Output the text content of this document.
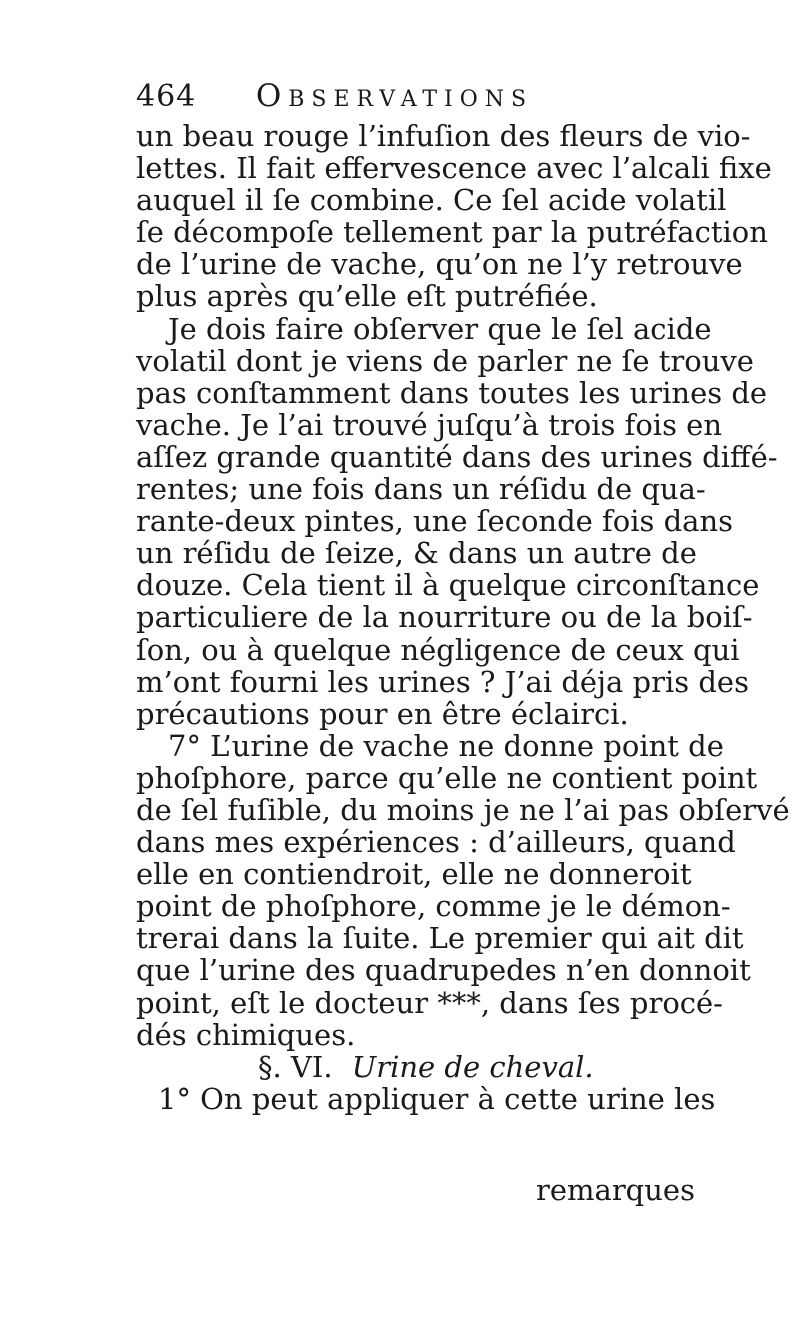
464 Observations
un beau rouge l’infuſion des fleurs de vio-
lettes. Il fait effervescence avec l’alcali fixe
auquel il ſe combine. Ce ſel acide volatil
ſe décompoſe tellement par la putréfaction
de l’urine de vache, qu’on ne l’y retrouve
plus après qu’elle eſt putréfiée.
Je dois faire obſerver que le ſel acide
volatil dont je viens de parler ne ſe trouve
pas conſtamment dans toutes les urines de
vache. Je l’ai trouvé juſqu’à trois fois en
aſſez grande quantité dans des urines diffé-
rentes; une fois dans un réſidu de qua-
rante-deux pintes, une ſeconde fois dans
un réſidu de ſeize, & dans un autre de
douze. Cela tient il à quelque circonſtance
particuliere de la nourriture ou de la boiſ-
ſon, ou à quelque négligence de ceux qui
m’ont fourni les urines ? J’ai déja pris des
précautions pour en être éclairci.
7° L’urine de vache ne donne point de
phoſphore, parce qu’elle ne contient point
de ſel fuſible, du moins je ne l’ai pas obſervé
dans mes expériences : d’ailleurs, quand
elle en contiendroit, elle ne donneroit
point de phoſphore, comme je le démon-
trerai dans la ſuite. Le premier qui ait dit
que l’urine des quadrupedes n’en donnoit
point, eſt le docteur ***, dans ſes procé-
dés chimiques.
§. VI. Urine de cheval.
1° On peut appliquer à cette urine les
remarques
